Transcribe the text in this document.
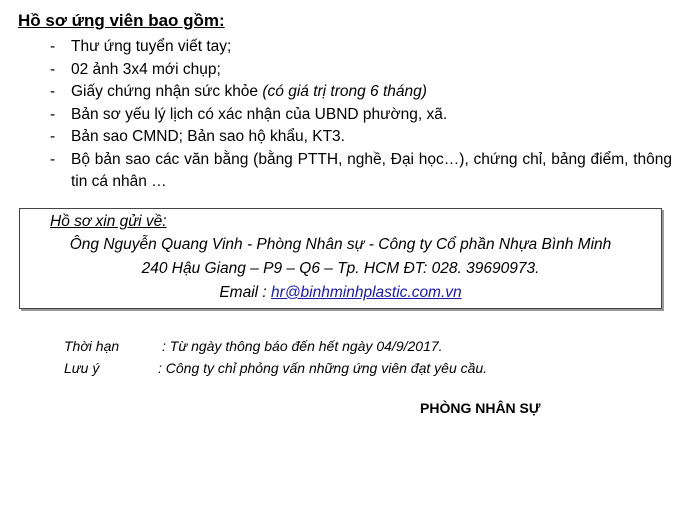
Hồ sơ ứng viên bao gồm:
- Thư ứng tuyển viết tay;
- 02 ảnh 3x4 mới chụp;
- Giấy chứng nhận sức khỏe (có giá trị trong 6 tháng)
- Bản sơ yếu lý lịch có xác nhận của UBND phường, xã.
- Bản sao CMND; Bản sao hộ khẩu, KT3.
- Bộ bản sao các văn bằng (bằng PTTH, nghề, Đại học…), chứng chỉ, bảng điểm, thông tin cá nhân …
Hồ sơ xin gửi về:
Ông Nguyễn Quang Vinh - Phòng Nhân sự - Công ty Cổ phần Nhựa Bình Minh
240 Hậu Giang – P9 – Q6 – Tp. HCM ĐT: 028. 39690973.
Email : hr@binhminhplastic.com.vn
Thời hạn	: Từ ngày thông báo đến hết ngày 04/9/2017.
Lưu ý	: Công ty chỉ phỏng vấn những ứng viên đạt yêu cầu.
PHÒNG NHÂN SỰ
